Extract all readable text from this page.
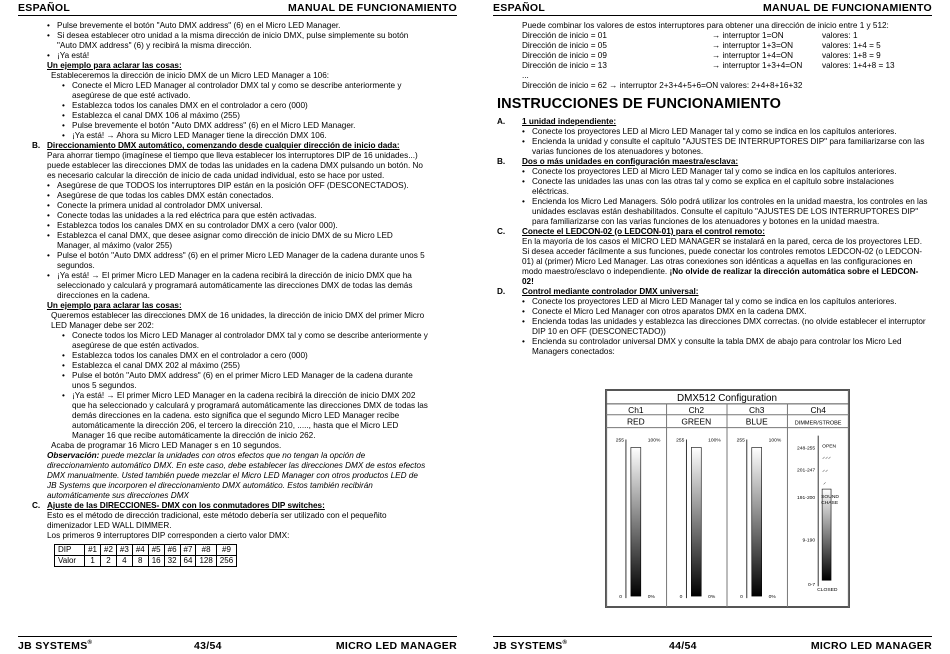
ESPAÑOL	MANUAL DE FUNCIONAMIENTO
• Pulse brevemente el botón "Auto DMX address" (6) en el Micro LED Manager.
• Si desea establecer otro unidad a la misma dirección de inicio DMX, pulse simplemente su botón "Auto DMX address" (6) y recibirá la misma dirección.
• ¡Ya está!
Un ejemplo para aclarar las cosas:
Estableceremos la dirección de inicio DMX de un Micro LED Manager a 106:
• Conecte el Micro LED Manager al controlador DMX tal y como se describe anteriormente y asegúrese de que esté activado.
• Establezca todos los canales DMX en el controlador a cero (000)
• Establezca el canal DMX 106 al máximo (255)
• Pulse brevemente el botón "Auto DMX address" (6) en el Micro LED Manager.
• ¡Ya está! → Ahora su Micro LED Manager tiene la dirección DMX 106.
B. Direccionamiento DMX automático, comenzando desde cualquier dirección de inicio dada:
Para ahorrar tiempo (imagínese el tiempo que lleva establecer los interruptores DIP de 16 unidades...) puede establecer las direcciones DMX de todas las unidades en la cadena DMX pulsando un botón. No es necesario calcular la dirección de inicio de cada unidad individual, esto se hace por usted.
• Asegúrese de que TODOS los interruptores DIP están en la posición OFF (DESCONECTADOS).
• Asegúrese de que todas los cables DMX están conectados.
• Conecte la primera unidad al controlador DMX universal.
• Conecte todas las unidades a la red eléctrica para que estén activadas.
• Establezca todos los canales DMX en su controlador DMX a cero (valor 000).
• Establezca el canal DMX, que desee asignar como dirección de inicio DMX de su Micro LED Manager, al máximo (valor 255)
• Pulse el botón "Auto DMX address" (6) en el primer Micro LED Manager de la cadena durante unos 5 segundos.
• ¡Ya está! → El primer Micro LED Manager en la cadena recibirá la dirección de inicio DMX que ha seleccionado y calculará y programará automáticamente las direcciones DMX de todas las demás direcciones en la cadena.
Un ejemplo para aclarar las cosas:
Queremos establecer las direcciones DMX de 16 unidades, la dirección de inicio DMX del primer Micro LED Manager debe ser 202:
• Conecte todos los Micro LED Manager al controlador DMX tal y como se describe anteriormente y asegúrese de que estén activados.
• Establezca todos los canales DMX en el controlador a cero (000)
• Establezca el canal DMX 202 al máximo (255)
• Pulse el botón "Auto DMX address" (6) en el primer Micro LED Manager de la cadena durante unos 5 segundos.
• ¡Ya está! → El primer Micro LED Manager en la cadena recibirá la dirección de inicio DMX 202 que ha seleccionado y calculará y programará automáticamente las direcciones DMX de todas las demás direcciones en la cadena. esto significa que el segundo Micro LED Manager recibe automáticamente la dirección 206, el tercero la dirección 210, ....., hasta que el Micro LED Manager 16 que recibe automáticamente la dirección de inicio 262.
Acaba de programar 16 Micro LED Manager s en 10 segundos.
Observación: puede mezclar la unidades con otros efectos que no tengan la opción de direccionamiento automático DMX. En este caso, debe establecer las direcciones DMX de estos efectos DMX manualmente. Usted también puede mezclar el Micro LED Manager con otros productos LED de JB Systems que incorporen el direccionamiento DMX automático. Estos también recibirán automáticamente sus direcciones DMX
C. Ajuste de las DIRECCIONES- DMX con los conmutadores DIP switches:
Esto es el método de dirección tradicional, este método debería ser utilizado con el pequeñito dimenizador LED WALL DIMMER.
Los primeros 9 interruptores DIP corresponden a cierto valor DMX:
DIP	#1	#2	#3	#4	#5	#6	#7	#8	#9
Valor	1	2	4	8	16	32	64	128	256
JB SYSTEMS®	43/54	MICRO LED MANAGER
ESPAÑOL	MANUAL DE FUNCIONAMIENTO
Puede combinar los valores de estos interruptores para obtener una dirección de inicio entre 1 y 512:
Dirección de inicio = 01	→ interruptor 1=ON	valores: 1
Dirección de inicio = 05	→ interruptor 1+3=ON	valores: 1+4 = 5
Dirección de inicio = 09	→ interruptor 1+4=ON	valores: 1+8 = 9
Dirección de inicio = 13	→ interruptor 1+3+4=ON valores: 1+4+8 = 13
...
Dirección de inicio = 62 → interruptor 2+3+4+5+6=ON valores: 2+4+8+16+32
INSTRUCCIONES DE FUNCIONAMIENTO
A. 1 unidad independiente:
• Conecte los proyectores LED al Micro LED Manager tal y como se indica en los capítulos anteriores.
• Encienda la unidad y consulte el capítulo "AJUSTES DE INTERRUPTORES DIP" para familiarizarse con las varias funciones de los atenuadores y botones.
B. Dos o más unidades en configuración maestra/esclava:
• Conecte los proyectores LED al Micro LED Manager tal y como se indica en los capítulos anteriores.
• Conecte las unidades las unas con las otras tal y como se explica en el capítulo sobre instalaciones eléctricas.
• Encienda los Micro Led Managers. Sólo podrá utilizar los controles en la unidad maestra, los controles en las unidades esclavas están deshabilitados. Consulte el capítulo "AJUSTES DE LOS INTERRUPTORES DIP" para familiarizarse con las varias funciones de los atenuadores y botones en la unidad maestra.
C. Conecte el LEDCON-02 (o LEDCON-01) para el control remoto:
En la mayoría de los casos el MICRO LED MANAGER se instalará en la pared, cerca de los proyectores LED. Si desea acceder fácilmente a sus funciones, puede conectar los controles remotos LEDCON-02 (o LEDCON-01) al (primer) Micro Led Manager. Las otras conexiones son idénticas a aquellas en las configuraciones en modo maestro/esclavo o independiente. ¡No olvide de realizar la dirección automática sobre el LEDCON-02!
D. Control mediante controlador DMX universal:
• Conecte los proyectores LED al Micro LED Manager tal y como se indica en los capítulos anteriores.
• Conecte el Micro Led Manager con otros aparatos DMX en la cadena DMX.
• Encienda todas las unidades y establezca las direcciones DMX correctas. (no olvide establecer el interruptor DIP 10 en OFF (DESCONECTADO))
• Encienda su controlador universal DMX y consulte la tabla DMX de abajo para controlar los Micro Led Managers conectados:
DMX512 Configuration
Ch1	Ch2	Ch3	Ch4
RED	GREEN	BLUE	DIMMER/STROBE
255	100%
0	0%
255	100%
0	0%
255	100%
0	0%
248-255
201-247
191-200
9-190
0-7
OPEN
⸝⸝⸝
⸝⸝
⸝
SOUND
CHASE
CLOSED
JB SYSTEMS®	44/54	MICRO LED MANAGER
